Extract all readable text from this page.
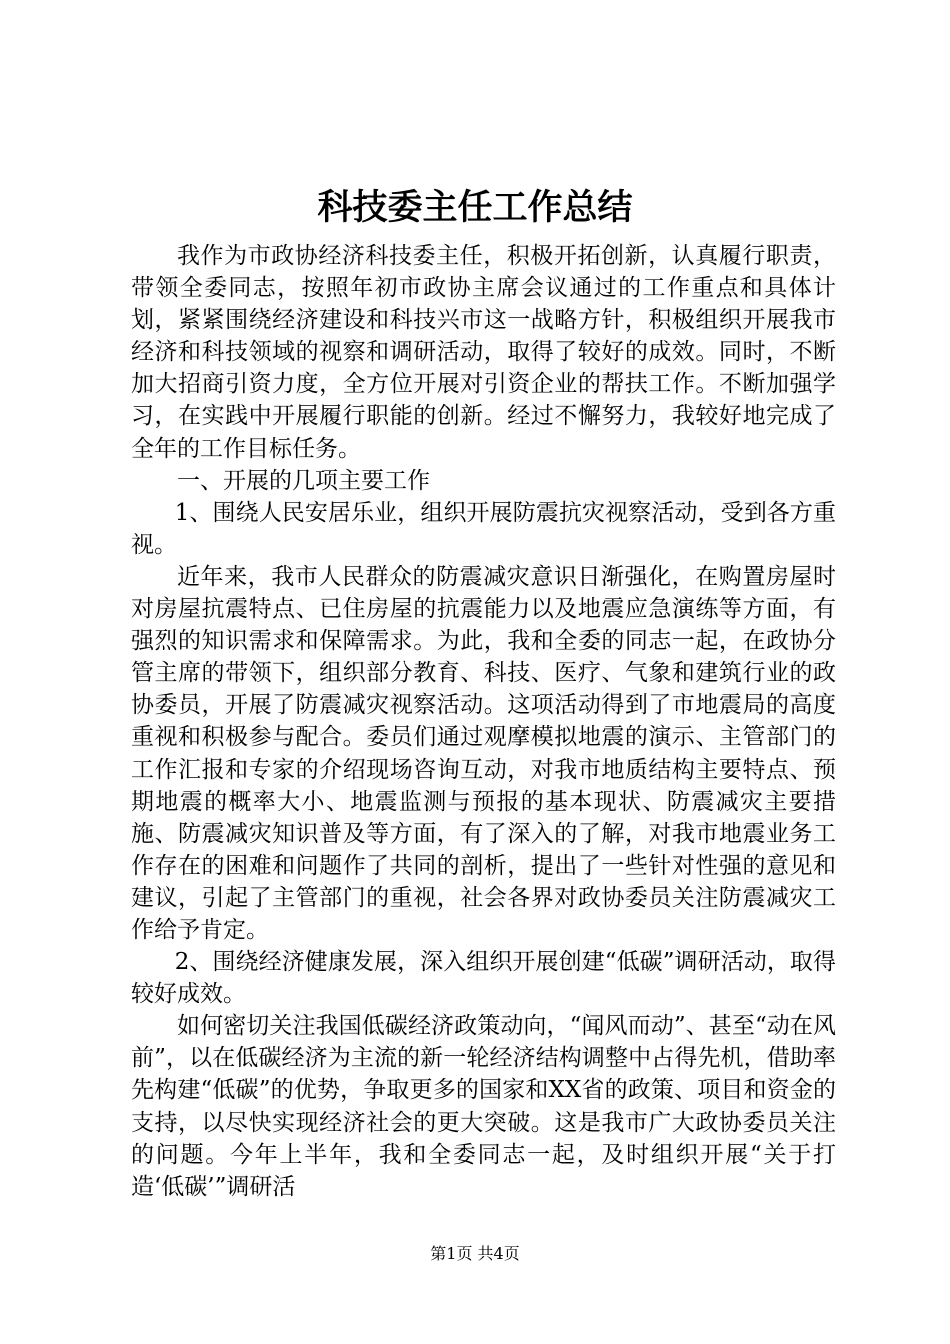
科技委主任工作总结

我作为市政协经济科技委主任，积极开拓创新，认真履行职责，带领全委同志，按照年初市政协主席会议通过的工作重点和具体计划，紧紧围绕经济建设和科技兴市这一战略方针，积极组织开展我市经济和科技领域的视察和调研活动，取得了较好的成效。同时，不断加大招商引资力度，全方位开展对引资企业的帮扶工作。不断加强学习，在实践中开展履行职能的创新。经过不懈努力，我较好地完成了全年的工作目标任务。

一、开展的几项主要工作

1、围绕人民安居乐业，组织开展防震抗灾视察活动，受到各方重视。

近年来，我市人民群众的防震减灾意识日渐强化，在购置房屋时对房屋抗震特点、已住房屋的抗震能力以及地震应急演练等方面，有强烈的知识需求和保障需求。为此，我和全委的同志一起，在政协分管主席的带领下，组织部分教育、科技、医疗、气象和建筑行业的政协委员，开展了防震减灾视察活动。这项活动得到了市地震局的高度重视和积极参与配合。委员们通过观摩模拟地震的演示、主管部门的工作汇报和专家的介绍现场咨询互动，对我市地质结构主要特点、预期地震的概率大小、地震监测与预报的基本现状、防震减灾主要措施、防震减灾知识普及等方面，有了深入的了解，对我市地震业务工作存在的困难和问题作了共同的剖析，提出了一些针对性强的意见和建议，引起了主管部门的重视，社会各界对政协委员关注防震减灾工作给予肯定。

2、围绕经济健康发展，深入组织开展创建“低碳”调研活动，取得较好成效。

如何密切关注我国低碳经济政策动向，“闻风而动”、甚至“动在风前”，以在低碳经济为主流的新一轮经济结构调整中占得先机，借助率先构建“低碳”的优势，争取更多的国家和XX省的政策、项目和资金的支持，以尽快实现经济社会的更大突破。这是我市广大政协委员关注的问题。今年上半年，我和全委同志一起，及时组织开展“关于打造‘低碳’”调研活

第1页 共4页
